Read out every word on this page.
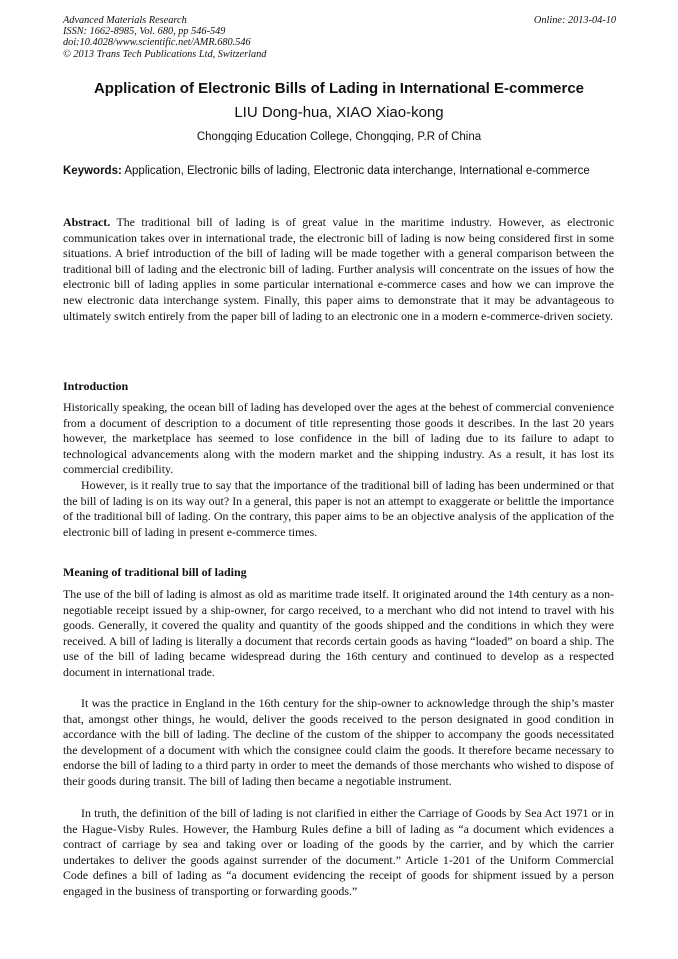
Advanced Materials Research
ISSN: 1662-8985, Vol. 680, pp 546-549
doi:10.4028/www.scientific.net/AMR.680.546
© 2013 Trans Tech Publications Ltd, Switzerland
Online: 2013-04-10
Application of Electronic Bills of Lading in International E-commerce
LIU Dong-hua, XIAO Xiao-kong
Chongqing Education College, Chongqing, P.R of China
Keywords: Application, Electronic bills of lading, Electronic data interchange, International e-commerce

Abstract. The traditional bill of lading is of great value in the maritime industry. However, as electronic communication takes over in international trade, the electronic bill of lading is now being considered first in some situations. A brief introduction of the bill of lading will be made together with a general comparison between the traditional bill of lading and the electronic bill of lading. Further analysis will concentrate on the issues of how the electronic bill of lading applies in some particular international e-commerce cases and how we can improve the new electronic data interchange system. Finally, this paper aims to demonstrate that it may be advantageous to ultimately switch entirely from the paper bill of lading to an electronic one in a modern e-commerce-driven society.

Introduction

Historically speaking, the ocean bill of lading has developed over the ages at the behest of commercial convenience from a document of description to a document of title representing those goods it describes. In the last 20 years however, the marketplace has seemed to lose confidence in the bill of lading due to its failure to adapt to technological advancements along with the modern market and the shipping industry. As a result, it has lost its commercial credibility.

However, is it really true to say that the importance of the traditional bill of lading has been undermined or that the bill of lading is on its way out? In a general, this paper is not an attempt to exaggerate or belittle the importance of the traditional bill of lading. On the contrary, this paper aims to be an objective analysis of the application of the electronic bill of lading in present e-commerce times.

Meaning of traditional bill of lading

The use of the bill of lading is almost as old as maritime trade itself. It originated around the 14th century as a non-negotiable receipt issued by a ship-owner, for cargo received, to a merchant who did not intend to travel with his goods. Generally, it covered the quality and quantity of the goods shipped and the conditions in which they were received. A bill of lading is literally a document that records certain goods as having “loaded” on board a ship. The use of the bill of lading became widespread during the 16th century and continued to develop as a respected document in international trade.

It was the practice in England in the 16th century for the ship-owner to acknowledge through the ship’s master that, amongst other things, he would, deliver the goods received to the person designated in good condition in accordance with the bill of lading. The decline of the custom of the shipper to accompany the goods necessitated the development of a document with which the consignee could claim the goods. It therefore became necessary to endorse the bill of lading to a third party in order to meet the demands of those merchants who wished to dispose of their goods during transit. The bill of lading then became a negotiable instrument.

In truth, the definition of the bill of lading is not clarified in either the Carriage of Goods by Sea Act 1971 or in the Hague-Visby Rules. However, the Hamburg Rules define a bill of lading as “a document which evidences a contract of carriage by sea and taking over or loading of the goods by the carrier, and by which the carrier undertakes to deliver the goods against surrender of the document.” Article 1-201 of the Uniform Commercial Code defines a bill of lading as “a document evidencing the receipt of goods for shipment issued by a person engaged in the business of transporting or forwarding goods.”
